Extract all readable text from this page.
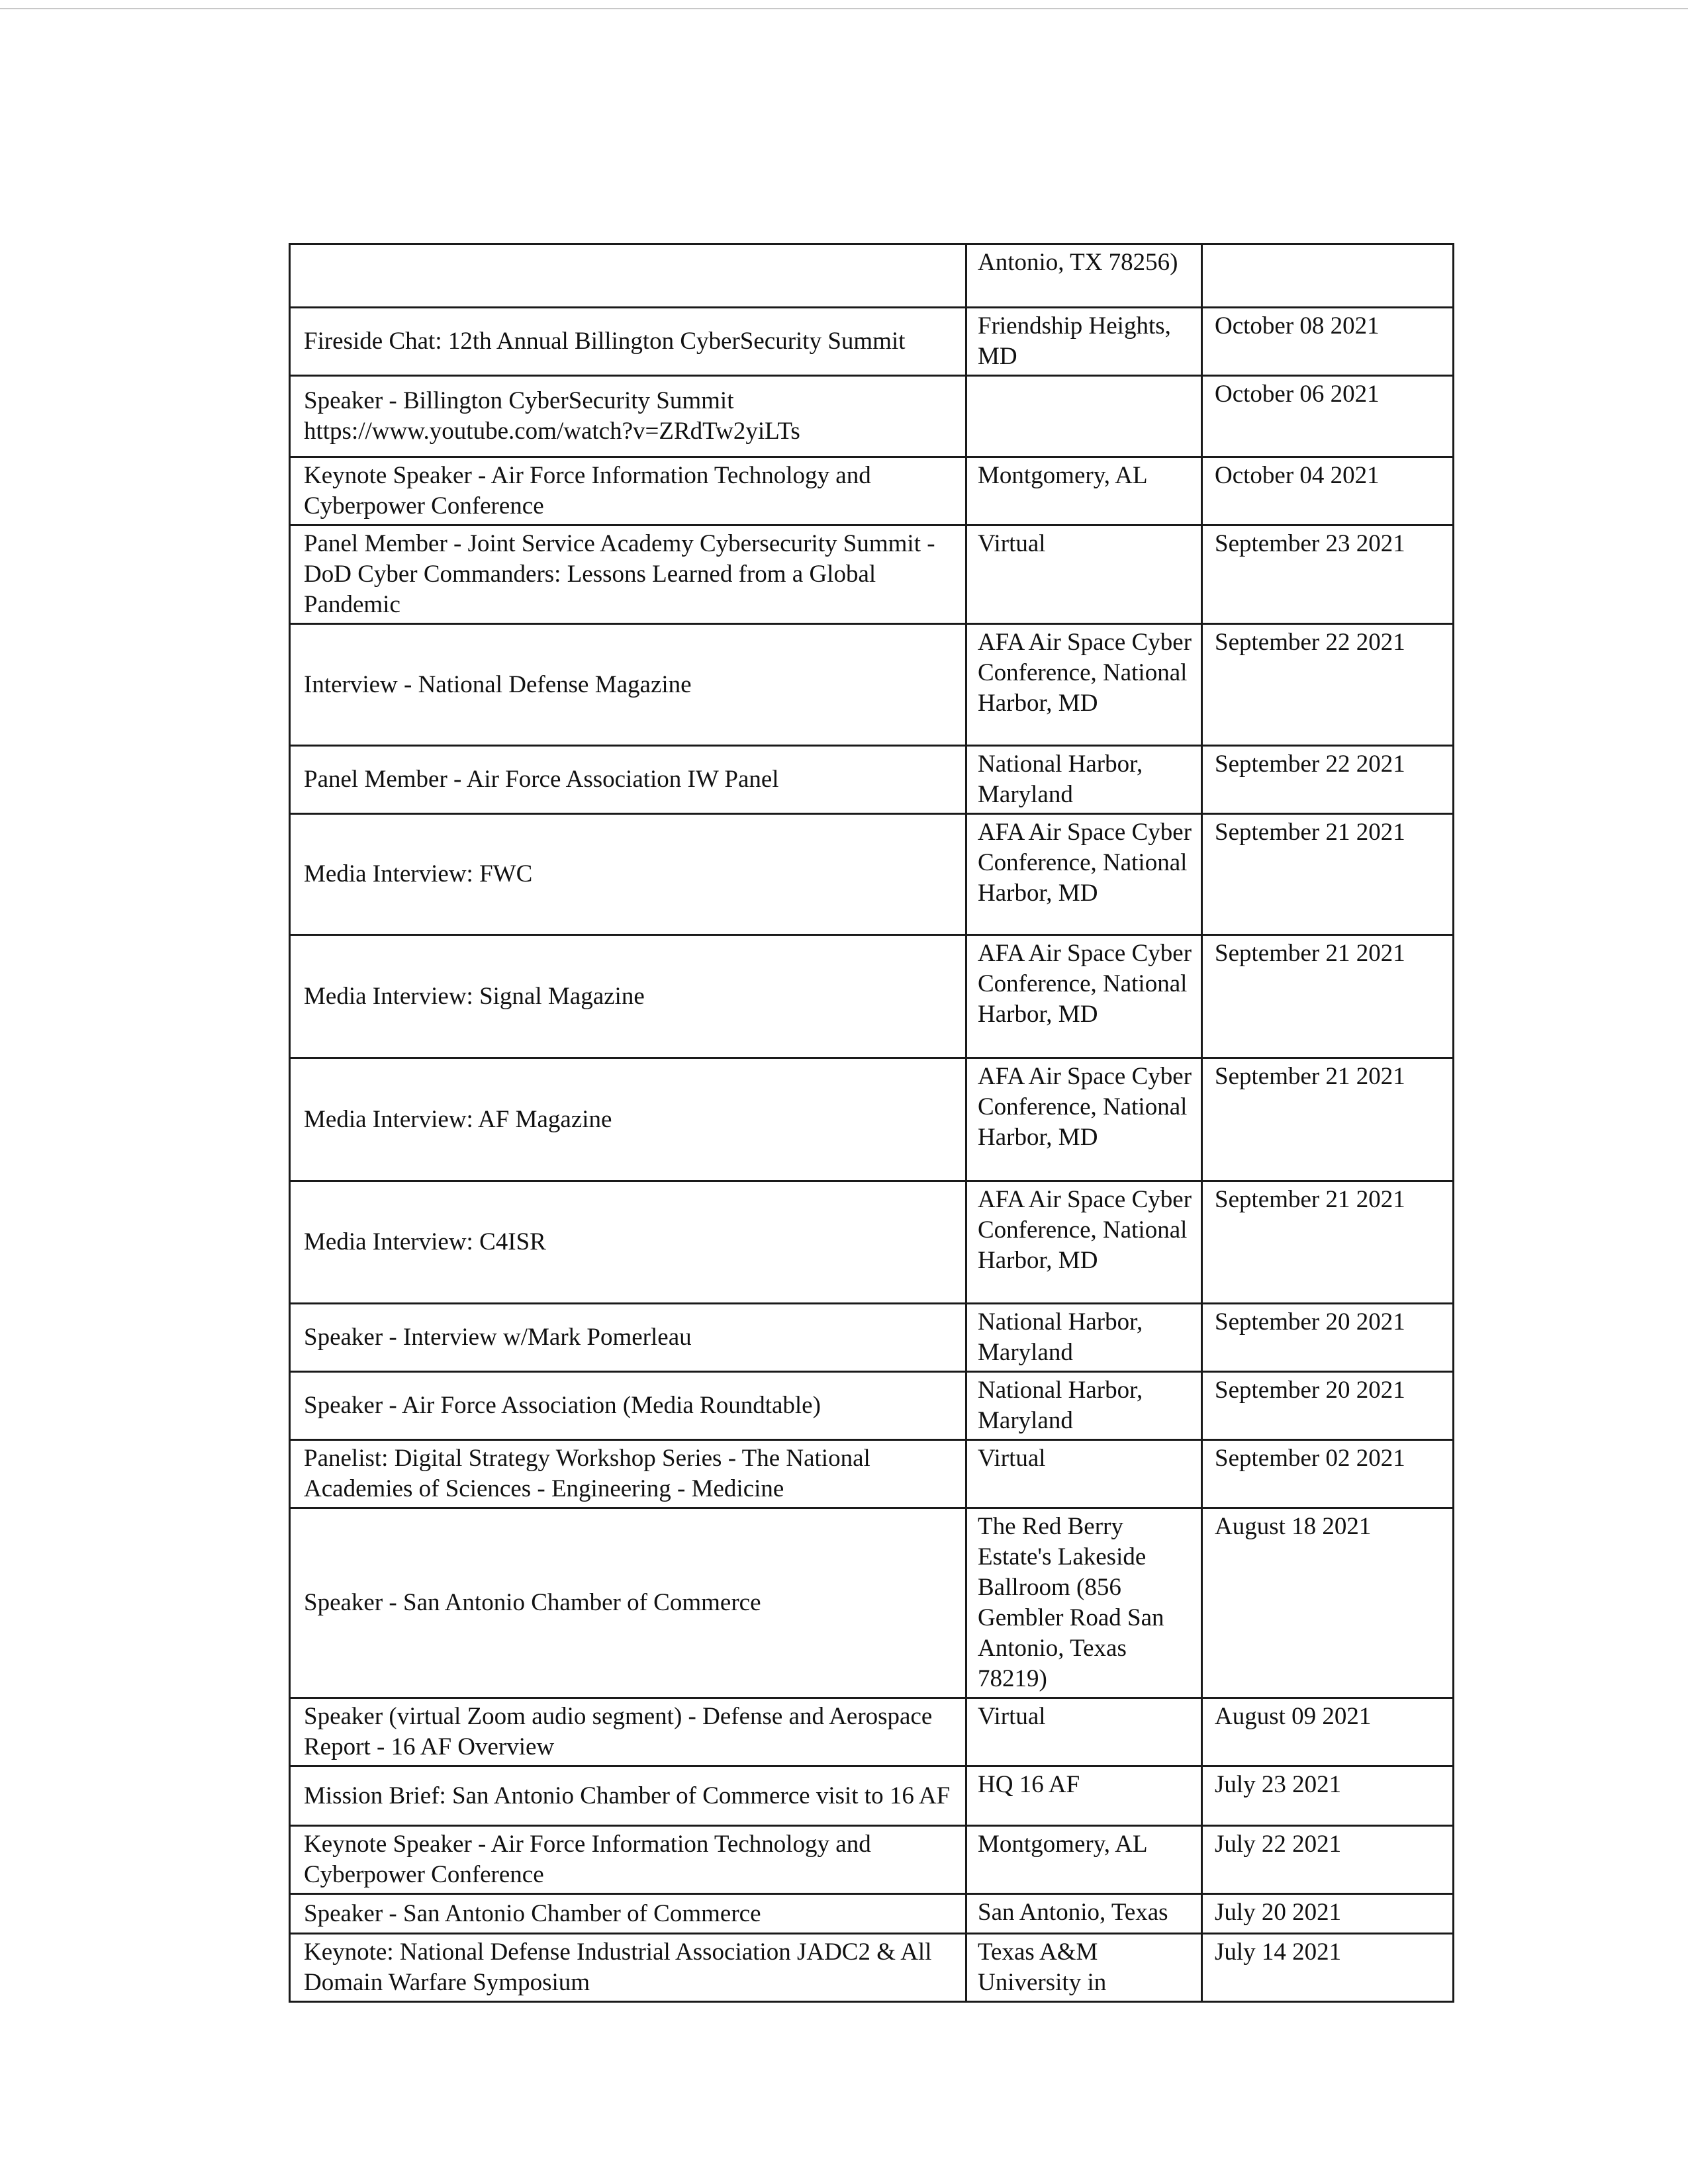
	Antonio, TX 78256)	

Fireside Chat: 12th Annual Billington CyberSecurity Summit	Friendship Heights, MD	October 08 2021

Speaker - Billington CyberSecurity Summit https://www.youtube.com/watch?v=ZRdTw2yiLTs		October 06 2021

Keynote Speaker - Air Force Information Technology and Cyberpower Conference	Montgomery, AL	October 04 2021

Panel Member - Joint Service Academy Cybersecurity Summit - DoD Cyber Commanders: Lessons Learned from a Global Pandemic	Virtual	September 23 2021

Interview - National Defense Magazine	AFA Air Space Cyber Conference, National Harbor, MD	September 22 2021

Panel Member - Air Force Association IW Panel	National Harbor, Maryland	September 22 2021

Media Interview: FWC	AFA Air Space Cyber Conference, National Harbor, MD	September 21 2021

Media Interview: Signal Magazine	AFA Air Space Cyber Conference, National Harbor, MD	September 21 2021

Media Interview: AF Magazine	AFA Air Space Cyber Conference, National Harbor, MD	September 21 2021

Media Interview: C4ISR	AFA Air Space Cyber Conference, National Harbor, MD	September 21 2021

Speaker - Interview w/Mark Pomerleau	National Harbor, Maryland	September 20 2021

Speaker - Air Force Association (Media Roundtable)	National Harbor, Maryland	September 20 2021

Panelist: Digital Strategy Workshop Series - The National Academies of Sciences - Engineering - Medicine	Virtual	September 02 2021

Speaker - San Antonio Chamber of Commerce	The Red Berry Estate's Lakeside Ballroom (856 Gembler Road San Antonio, Texas 78219)	August 18 2021

Speaker (virtual Zoom audio segment) - Defense and Aerospace Report - 16 AF Overview	Virtual	August 09 2021

Mission Brief: San Antonio Chamber of Commerce visit to 16 AF	HQ 16 AF	July 23 2021

Keynote Speaker - Air Force Information Technology and Cyberpower Conference	Montgomery, AL	July 22 2021

Speaker - San Antonio Chamber of Commerce	San Antonio, Texas	July 20 2021

Keynote: National Defense Industrial Association JADC2 & All Domain Warfare Symposium	Texas A&M University in	July 14 2021
